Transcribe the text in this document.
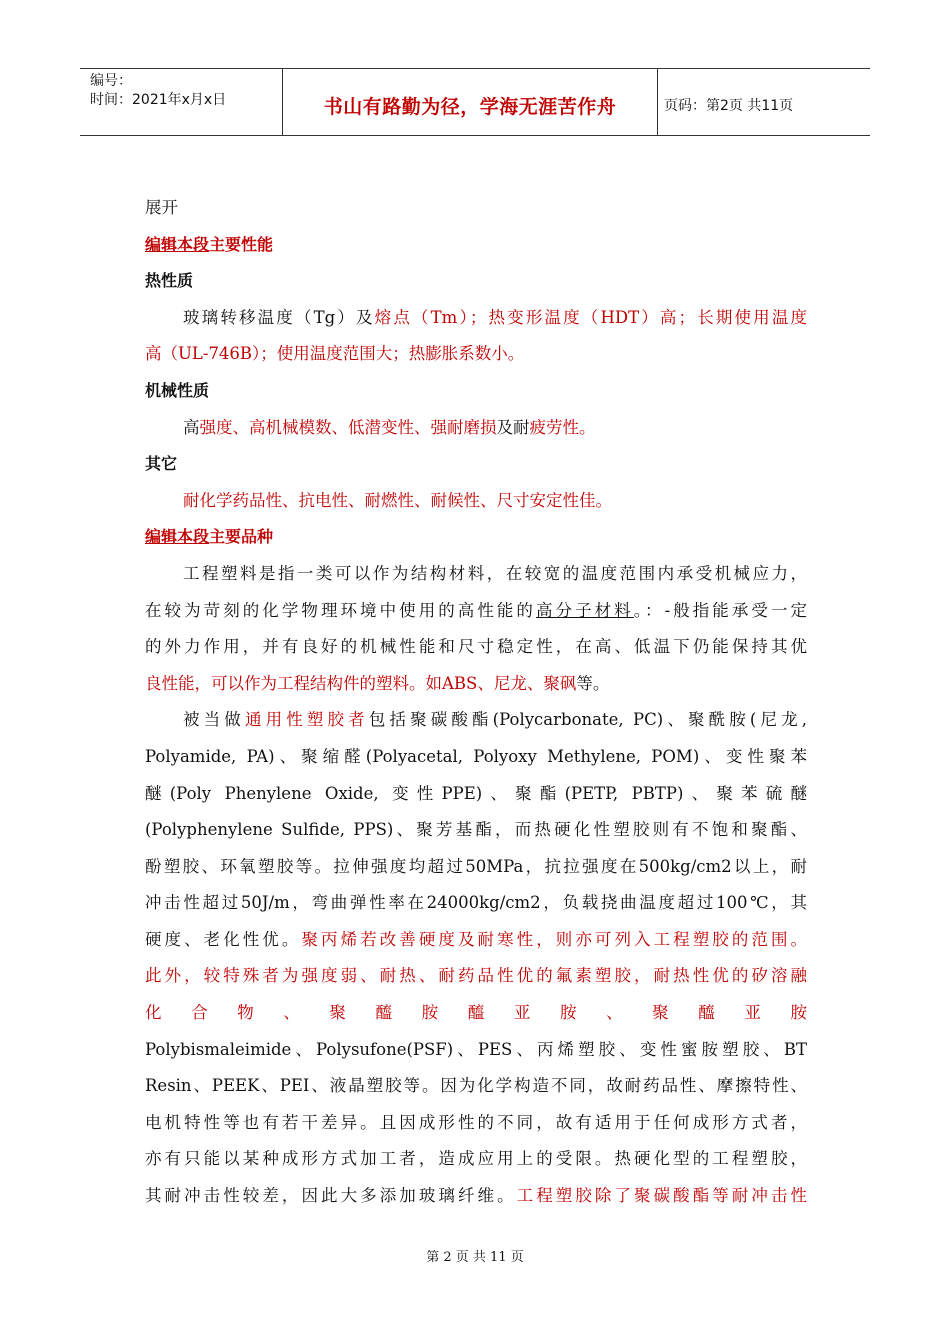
编号：
时间：2021年x月x日	书山有路勤为径，学海无涯苦作舟	页码：第2页 共11页

展开

编辑本段主要性能

热性质

玻璃转移温度（Tg）及熔点（Tm）；热变形温度（HDT）高；长期使用温度

高（UL-746B）；使用温度范围大；热膨胀系数小。

机械性质

高强度、高机械模数、低潜变性、强耐磨损及耐疲劳性。

其它

耐化学药品性、抗电性、耐燃性、耐候性、尺寸安定性佳。

编辑本段主要品种

工程塑料是指一类可以作为结构材料，在较宽的温度范围内承受机械应力，

在较为苛刻的化学物理环境中使用的高性能的高分子材料。：-般指能承受一定

的外力作用，并有良好的机械性能和尺寸稳定性，在高、低温下仍能保持其优

良性能，可以作为工程结构件的塑料。如ABS、尼龙、聚砜等。

被当做通用性塑胶者包括聚碳酸酯(Polycarbonate, PC)、聚酰胺(尼龙,

Polyamide, PA)、聚缩醛(Polyacetal, Polyoxy Methylene, POM)、变性聚苯

醚(Poly Phenylene Oxide, 变性PPE)、聚酯(PETP, PBTP)、聚苯硫醚

(Polyphenylene Sulfide, PPS)、聚芳基酯，而热硬化性塑胶则有不饱和聚酯、

酚塑胶、环氧塑胶等。拉伸强度均超过50MPa，抗拉强度在500kg/cm2以上，耐

冲击性超过50J/m，弯曲弹性率在24000kg/cm2，负载挠曲温度超过100℃，其

硬度、老化性优。聚丙烯若改善硬度及耐寒性，则亦可列入工程塑胶的范围。

此外，较特殊者为强度弱、耐热、耐药品性优的氟素塑胶，耐热性优的矽溶融

化合物、聚醯胺醯亚胺、聚醯亚胺

Polybismaleimide、Polysufone(PSF)、PES、丙烯塑胶、变性蜜胺塑胶、BT

Resin、PEEK、PEI、液晶塑胶等。因为化学构造不同，故耐药品性、摩擦特性、

电机特性等也有若干差异。且因成形性的不同，故有适用于任何成形方式者，

亦有只能以某种成形方式加工者，造成应用上的受限。热硬化型的工程塑胶，

其耐冲击性较差，因此大多添加玻璃纤维。工程塑胶除了聚碳酸酯等耐冲击性

第 2 页 共 11 页
